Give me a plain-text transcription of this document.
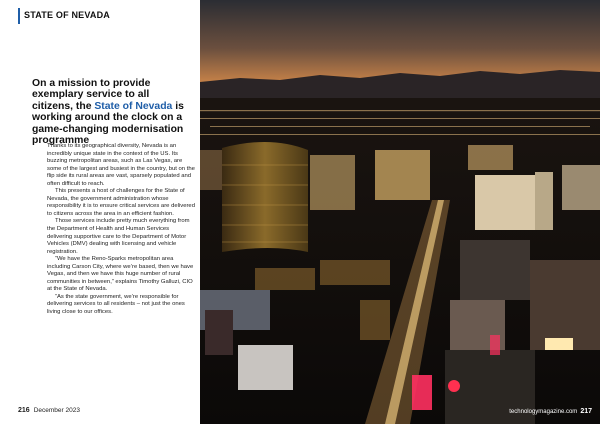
STATE OF NEVADA
On a mission to provide exemplary service to all citizens, the State of Nevada is working around the clock on a game-changing modernisation programme

Thanks to its geographical diversity, Nevada is an incredibly unique state in the context of the US. Its buzzing metropolitan areas, such as Las Vegas, are some of the largest and busiest in the country, but on the flip side its rural areas are vast, sparsely populated and often difficult to reach.

This presents a host of challenges for the State of Nevada, the government administration whose responsibility it is to ensure critical services are delivered to citizens across the area in an efficient fashion.

Those services include pretty much everything from the Department of Health and Human Services delivering supportive care to the Department of Motor Vehicles (DMV) dealing with licensing and vehicle registration.

“We have the Reno-Sparks metropolitan area including Carson City, where we’re based, then we have Vegas, and then we have this huge number of rural communities in between,” explains Timothy Galluzi, CIO at the State of Nevada.

“As the state government, we’re responsible for delivering services to all residents – not just the ones living close to our offices.

216 December 2023	technologymagazine.com 217
